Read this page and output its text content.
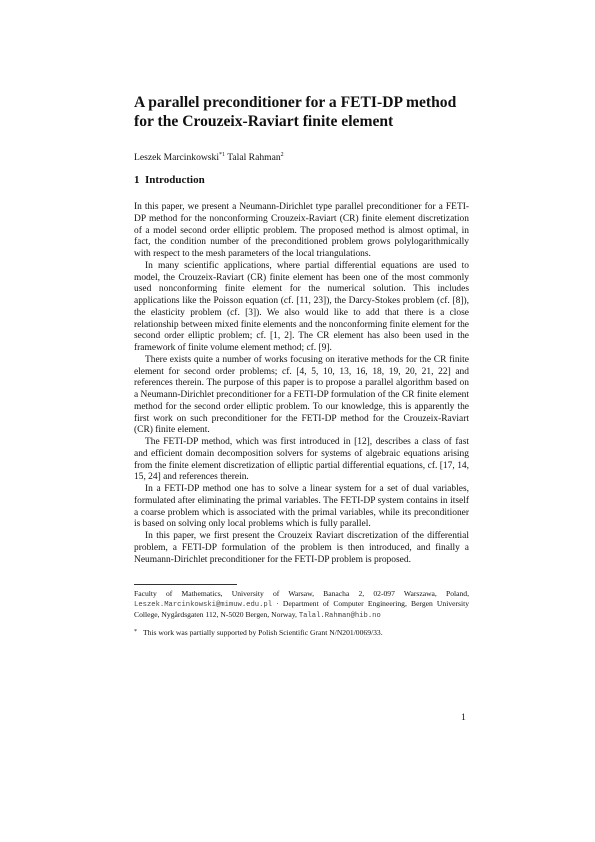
A parallel preconditioner for a FETI-DP method for the Crouzeix-Raviart finite element
Leszek Marcinkowski$^{*1}$ Talal Rahman$^2$
1 Introduction

In this paper, we present a Neumann-Dirichlet type parallel preconditioner for a FETI-DP method for the nonconforming Crouzeix-Raviart (CR) finite element discretization of a model second order elliptic problem. The proposed method is almost optimal, in fact, the condition number of the preconditioned problem grows polylogarithmically with respect to the mesh parameters of the local triangulations.

In many scientific applications, where partial differential equations are used to model, the Crouzeix-Raviart (CR) finite element has been one of the most commonly used nonconforming finite element for the numerical solution. This includes applications like the Poisson equation (cf. [11, 23]), the Darcy-Stokes problem (cf. [8]), the elasticity problem (cf. [3]). We also would like to add that there is a close relationship between mixed finite elements and the nonconforming finite element for the second order elliptic problem; cf. [1, 2]. The CR element has also been used in the framework of finite volume element method; cf. [9].

There exists quite a number of works focusing on iterative methods for the CR finite element for second order problems; cf. [4, 5, 10, 13, 16, 18, 19, 20, 21, 22] and references therein. The purpose of this paper is to propose a parallel algorithm based on a Neumann-Dirichlet preconditioner for a FETI-DP formulation of the CR finite element method for the second order elliptic problem. To our knowledge, this is apparently the first work on such preconditioner for the FETI-DP method for the Crouzeix-Raviart (CR) finite element.

The FETI-DP method, which was first introduced in [12], describes a class of fast and efficient domain decomposition solvers for systems of algebraic equations arising from the finite element discretization of elliptic partial differential equations, cf. [17, 14, 15, 24] and references therein.

In a FETI-DP method one has to solve a linear system for a set of dual variables, formulated after eliminating the primal variables. The FETI-DP system contains in itself a coarse problem which is associated with the primal variables, while its preconditioner is based on solving only local problems which is fully parallel.

In this paper, we first present the Crouzeix Raviart discretization of the differential problem, a FETI-DP formulation of the problem is then introduced, and finally a Neumann-Dirichlet preconditioner for the FETI-DP problem is proposed.

Faculty of Mathematics, University of Warsaw, Banacha 2, 02-097 Warszawa, Poland, Leszek.Marcinkowski@mimuw.edu.pl · Department of Computer Engineering, Bergen University College, Nygårdsgaten 112, N-5020 Bergen, Norway, Talal.Rahman@hib.no
* This work was partially supported by Polish Scientific Grant N/N201/0069/33.
1
